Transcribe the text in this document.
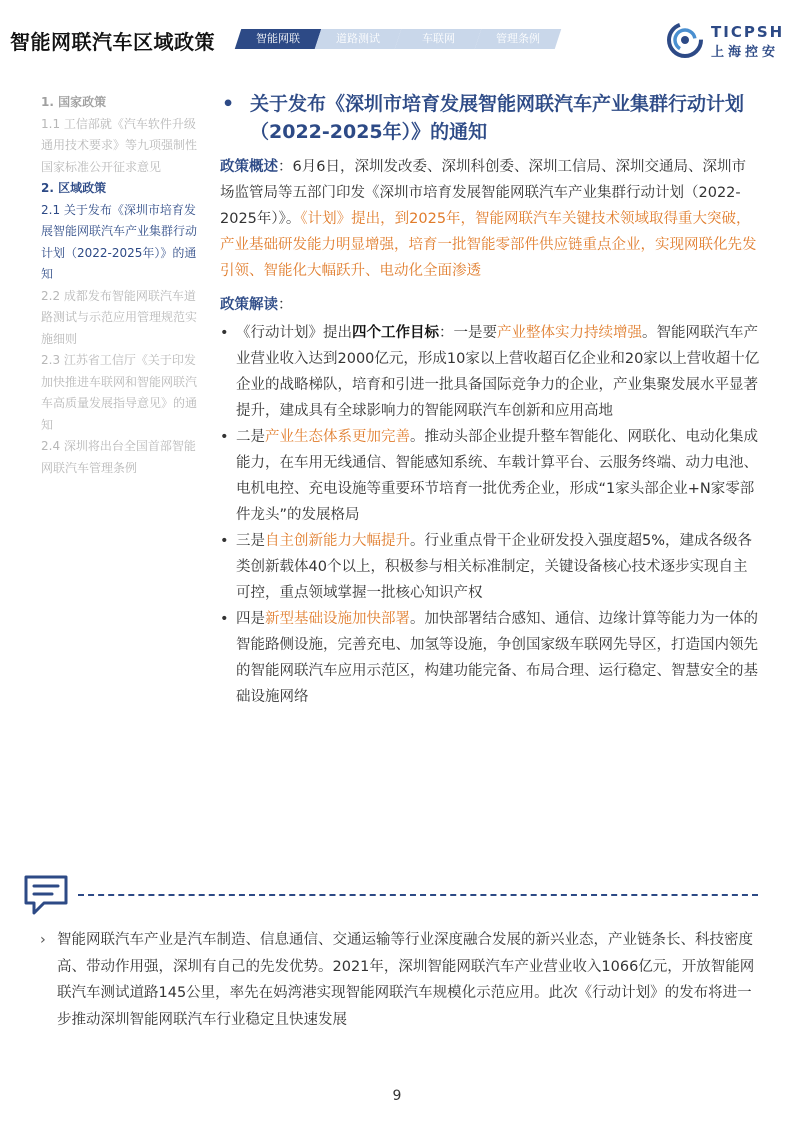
智能网联汽车区域政策	智能网联	道路测试	车联网	管理条例	TICPSH
上海控安
1. 国家政策
1.1 工信部就《汽车软件升级通用技术要求》等九项强制性国家标准公开征求意见
2. 区域政策
2.1 关于发布《深圳市培育发展智能网联汽车产业集群行动计划（2022-2025年）》的通知
2.2 成都发布智能网联汽车道路测试与示范应用管理规范实施细则
2.3 江苏省工信厅《关于印发加快推进车联网和智能网联汽车高质量发展指导意见》的通知
2.4 深圳将出台全国首部智能网联汽车管理条例
• 关于发布《深圳市培育发展智能网联汽车产业集群行动计划（2022-2025年）》的通知
政策概述：6月6日，深圳发改委、深圳科创委、深圳工信局、深圳交通局、深圳市场监管局等五部门印发《深圳市培育发展智能网联汽车产业集群行动计划（2022-2025年）》。《计划》提出，到2025年，智能网联汽车关键技术领域取得重大突破，产业基础研发能力明显增强，培育一批智能零部件供应链重点企业，实现网联化先发引领、智能化大幅跃升、电动化全面渗透
政策解读：
• 《行动计划》提出四个工作目标：一是要产业整体实力持续增强。智能网联汽车产业营业收入达到2000亿元，形成10家以上营收超百亿企业和20家以上营收超十亿企业的战略梯队，培育和引进一批具备国际竞争力的企业，产业集聚发展水平显著提升，建成具有全球影响力的智能网联汽车创新和应用高地
• 二是产业生态体系更加完善。推动头部企业提升整车智能化、网联化、电动化集成能力，在车用无线通信、智能感知系统、车载计算平台、云服务终端、动力电池、电机电控、充电设施等重要环节培育一批优秀企业，形成“1家头部企业+N家零部件龙头”的发展格局
• 三是自主创新能力大幅提升。行业重点骨干企业研发投入强度超5%，建成各级各类创新载体40个以上，积极参与相关标准制定，关键设备核心技术逐步实现自主可控，重点领域掌握一批核心知识产权
• 四是新型基础设施加快部署。加快部署结合感知、通信、边缘计算等能力为一体的智能路侧设施，完善充电、加氢等设施，争创国家级车联网先导区，打造国内领先的智能网联汽车应用示范区，构建功能完备、布局合理、运行稳定、智慧安全的基础设施网络
› 智能网联汽车产业是汽车制造、信息通信、交通运输等行业深度融合发展的新兴业态，产业链条长、科技密度高、带动作用强，深圳有自己的先发优势。2021年，深圳智能网联汽车产业营业收入1066亿元，开放智能网联汽车测试道路145公里，率先在妈湾港实现智能网联汽车规模化示范应用。此次《行动计划》的发布将进一步推动深圳智能网联汽车行业稳定且快速发展
9
